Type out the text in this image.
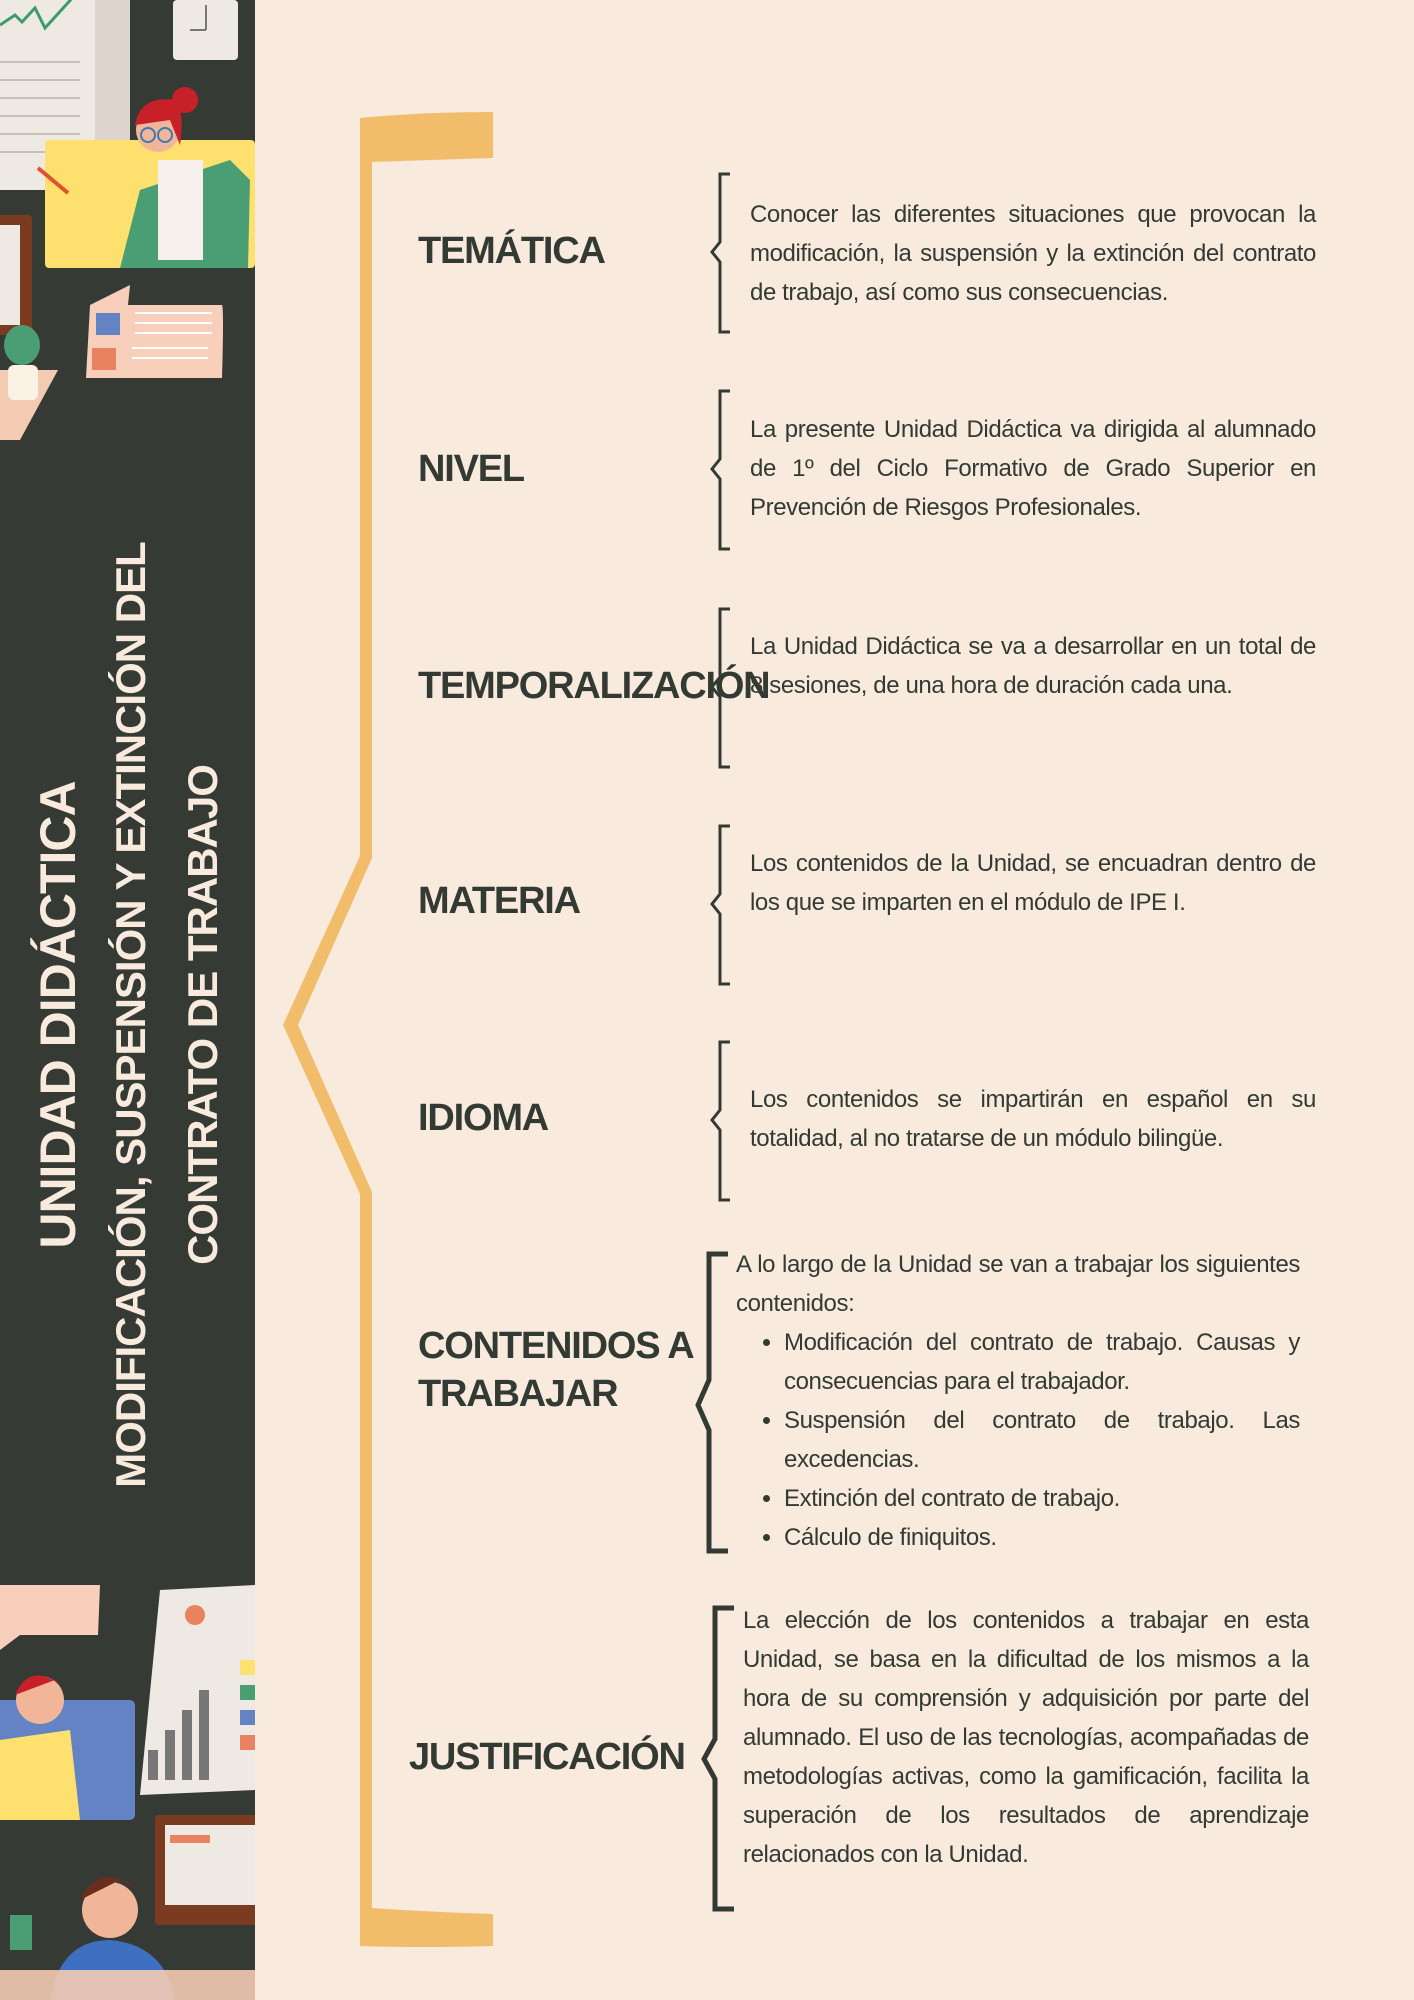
UNIDAD DIDÁCTICA MODIFICACIÓN, SUSPENSIÓN Y EXTINCIÓN DEL CONTRATO DE TRABAJO
TEMÁTICA
Conocer las diferentes situaciones que provocan la modificación, la suspensión y la extinción del contrato de trabajo, así como sus consecuencias.
NIVEL
La presente Unidad Didáctica va dirigida al alumnado de 1º del Ciclo Formativo de Grado Superior en Prevención de Riesgos Profesionales.
TEMPORALIZACIÓN
La Unidad Didáctica se va a desarrollar en un total de 8 sesiones, de una hora de duración cada una.
MATERIA
Los contenidos de la Unidad, se encuadran dentro de los que se imparten en el módulo de IPE I.
IDIOMA	Los contenidos se impartirán en español en su totalidad, al no tratarse de un módulo bilingüe.
CONTENIDOS A
TRABAJAR
A lo largo de la Unidad se van a trabajar los siguientes contenidos:
• Modificación del contrato de trabajo. Causas y consecuencias para el trabajador.
• Suspensión del contrato de trabajo. Las excedencias.
• Extinción del contrato de trabajo.
• Cálculo de finiquitos.
JUSTIFICACIÓN
La elección de los contenidos a trabajar en esta Unidad, se basa en la dificultad de los mismos a la hora de su comprensión y adquisición por parte del alumnado. El uso de las tecnologías, acompañadas de metodologías activas, como la gamificación, facilita la superación de los resultados de aprendizaje relacionados con la Unidad.
